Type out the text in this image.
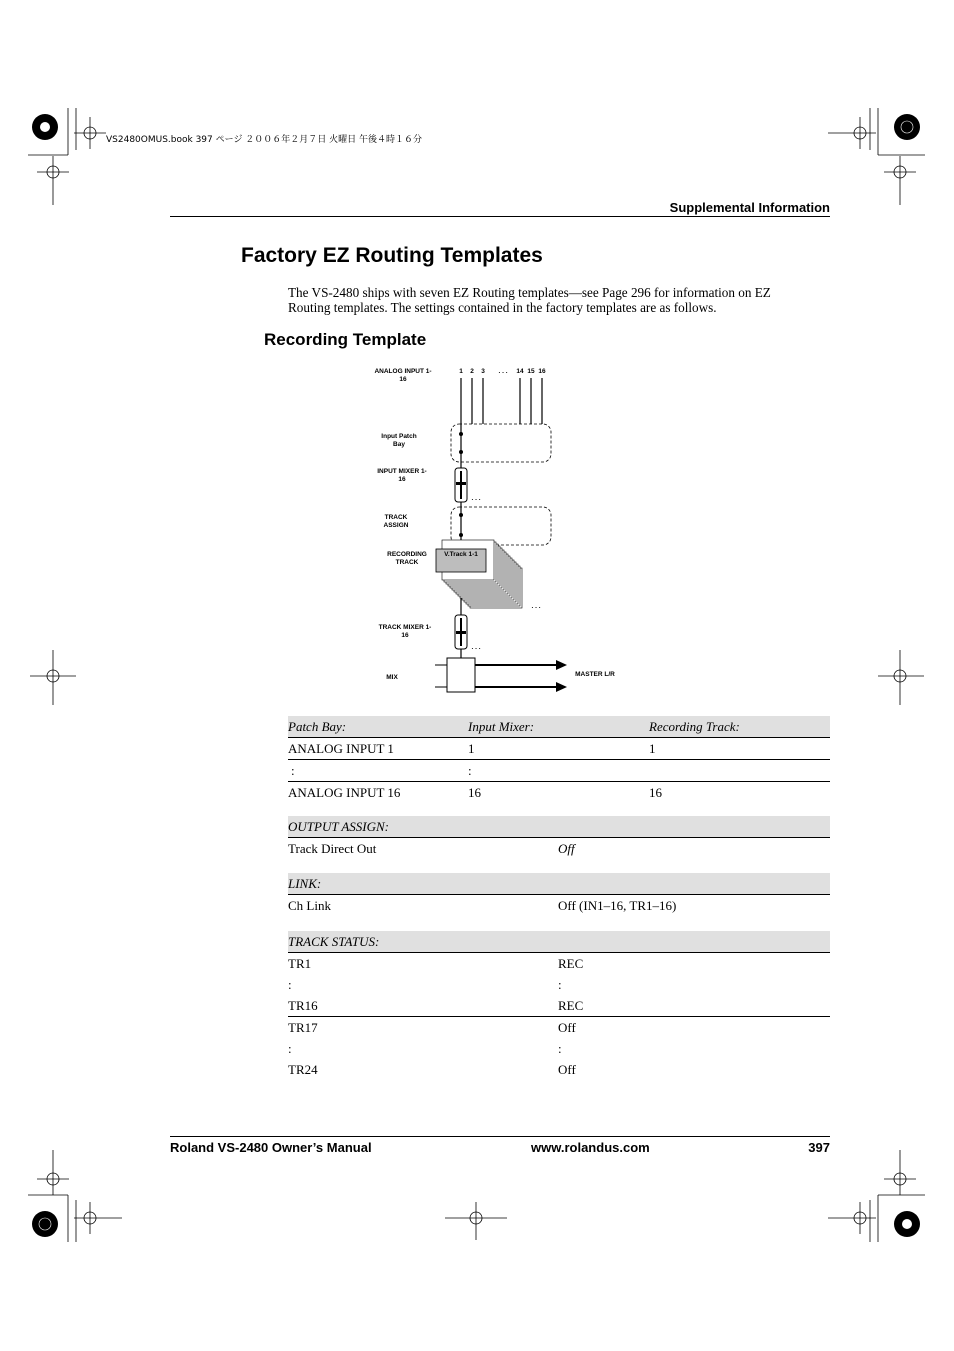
VS2480OMUS.book 397 ページ ２００６年２月７日 火曜日 午後４時１６分
Supplemental Information
Factory EZ Routing Templates
The VS-2480 ships with seven EZ Routing templates—see Page 296 for information on EZ Routing templates. The settings contained in the factory templates are as follows.
Recording Template
ANALOG INPUT 1-16
1	2	3	. . .	14 15 16
Input Patch Bay
INPUT MIXER 1-16
TRACK ASSIGN
RECORDING TRACK
V.Track 1-1
TRACK MIXER 1-16
MIX	MASTER L/R
. . .
. . .
. . .
Patch Bay:	Input Mixer:	Recording Track:
ANALOG INPUT 1	1	1
:	:
ANALOG INPUT 16	16	16
OUTPUT ASSIGN:
Track Direct Out	Off
LINK:
Ch Link	Off (IN1–16, TR1–16)
TRACK STATUS:
TR1	REC
:	:
TR16	REC
TR17	Off
:	:
TR24	Off
Roland VS-2480 Owner’s Manual	www.rolandus.com	397
